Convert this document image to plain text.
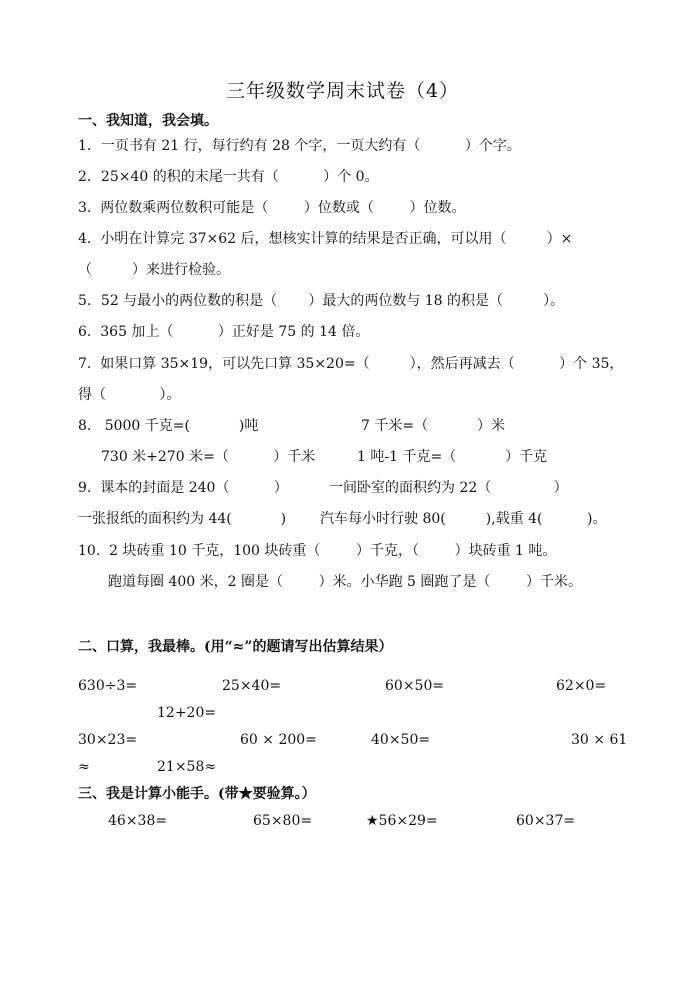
三年级数学周末试卷（4）
一、我知道，我会填。
1．一页书有 21 行，每行约有 28 个字，一页大约有（          ）个字。
2．25×40 的积的末尾一共有（          ）个 0。
3.  两位数乘两位数积可能是（        ）位数或（        ）位数。
4.  小明在计算完 37×62 后，想核实计算的结果是否正确，可以用（         ）×
（         ）来进行检验。
5．52 与最小的两位数的积是（       ）最大的两位数与 18 的积是（         ）。
6.  365 加上（          ）正好是 75 的 14 倍。
7.  如果口算 35×19，可以先口算 35×20=（         ），然后再减去（          ）个 35，
得（            ）。
8.   5000 千克=(           )吨	7 千米=（           ）米
730 米+270 米=（          ）千米	1 吨-1 千克=（           ）千克
9.  课本的封面是 240（          ）	一间卧室的面积约为 22（              ）
一张报纸的面积约为 44(           ) 汽车每小时行驶 80(         ),载重 4(          )。
10.  2 块砖重 10 千克，100 块砖重（        ）千克，（        ）块砖重 1 吨。
跑道每圈 400 米，2 圈是（        ）米。小华跑 5 圈跑了是（        ）千米。
二、口算，我最棒。(用“≈”的题请写出估算结果）
630÷3=	25×40=	60×50=	62×0=
12+20=
30×23=	60 × 200=	40×50=	30 × 61
≈	21×58≈
三、我是计算小能手。(带★要验算。）
46×38=	65×80=	★56×29=	60×37=
